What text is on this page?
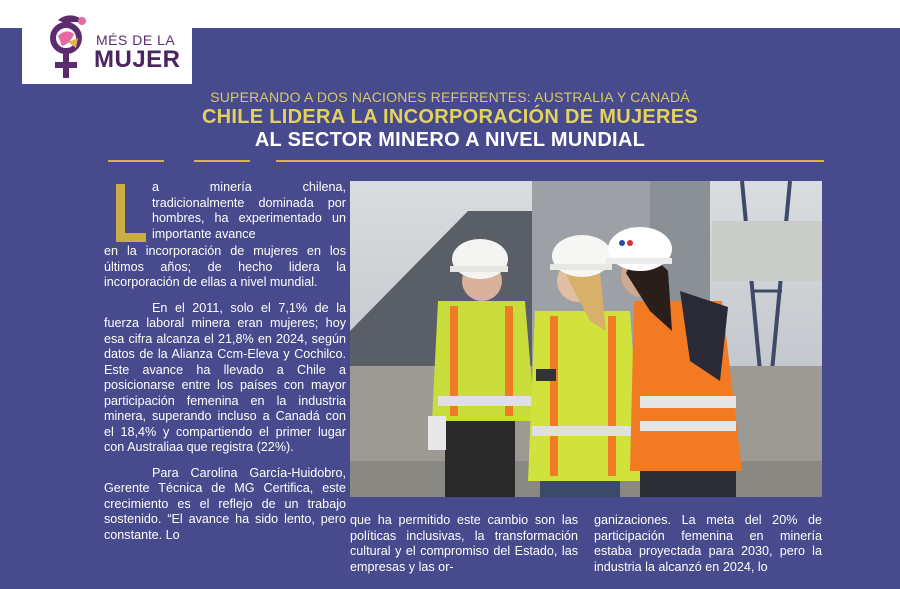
MÉS DE LA
MUJER
SUPERANDO A DOS NACIONES REFERENTES: AUSTRALIA Y CANADÁ
CHILE LIDERA LA INCORPORACIÓN DE MUJERES
AL SECTOR MINERO A NIVEL MUNDIAL
a minería chilena, tradicionalmente dominada por hombres, ha experimentado un importante avance

en la incorporación de mujeres en los últimos años; de hecho lidera la incorporación de ellas a nivel mundial.

En el 2011, solo el 7,1% de la fuerza laboral minera eran mujeres; hoy esa cifra alcanza el 21,8% en 2024, según datos de la Alianza Ccm-Eleva y Cochilco. Este avance ha llevado a Chile a posicionarse entre los países con mayor participación femenina en la industria minera, superando incluso a Canadá con el 18,4% y compartiendo el primer lugar con Australiaa que registra (22%).

Para Carolina García-Huidobro, Gerente Técnica de MG Certifica, este crecimiento es el reflejo de un trabajo sostenido. “El avance ha sido lento, pero constante. Lo

que ha permitido este cambio son las políticas inclusivas, la transformación cultural y el compromiso del Estado, las empresas y las or-
ganizaciones. La meta del 20% de participación femenina en minería estaba proyectada para 2030, pero la industria la alcanzó en 2024, lo
